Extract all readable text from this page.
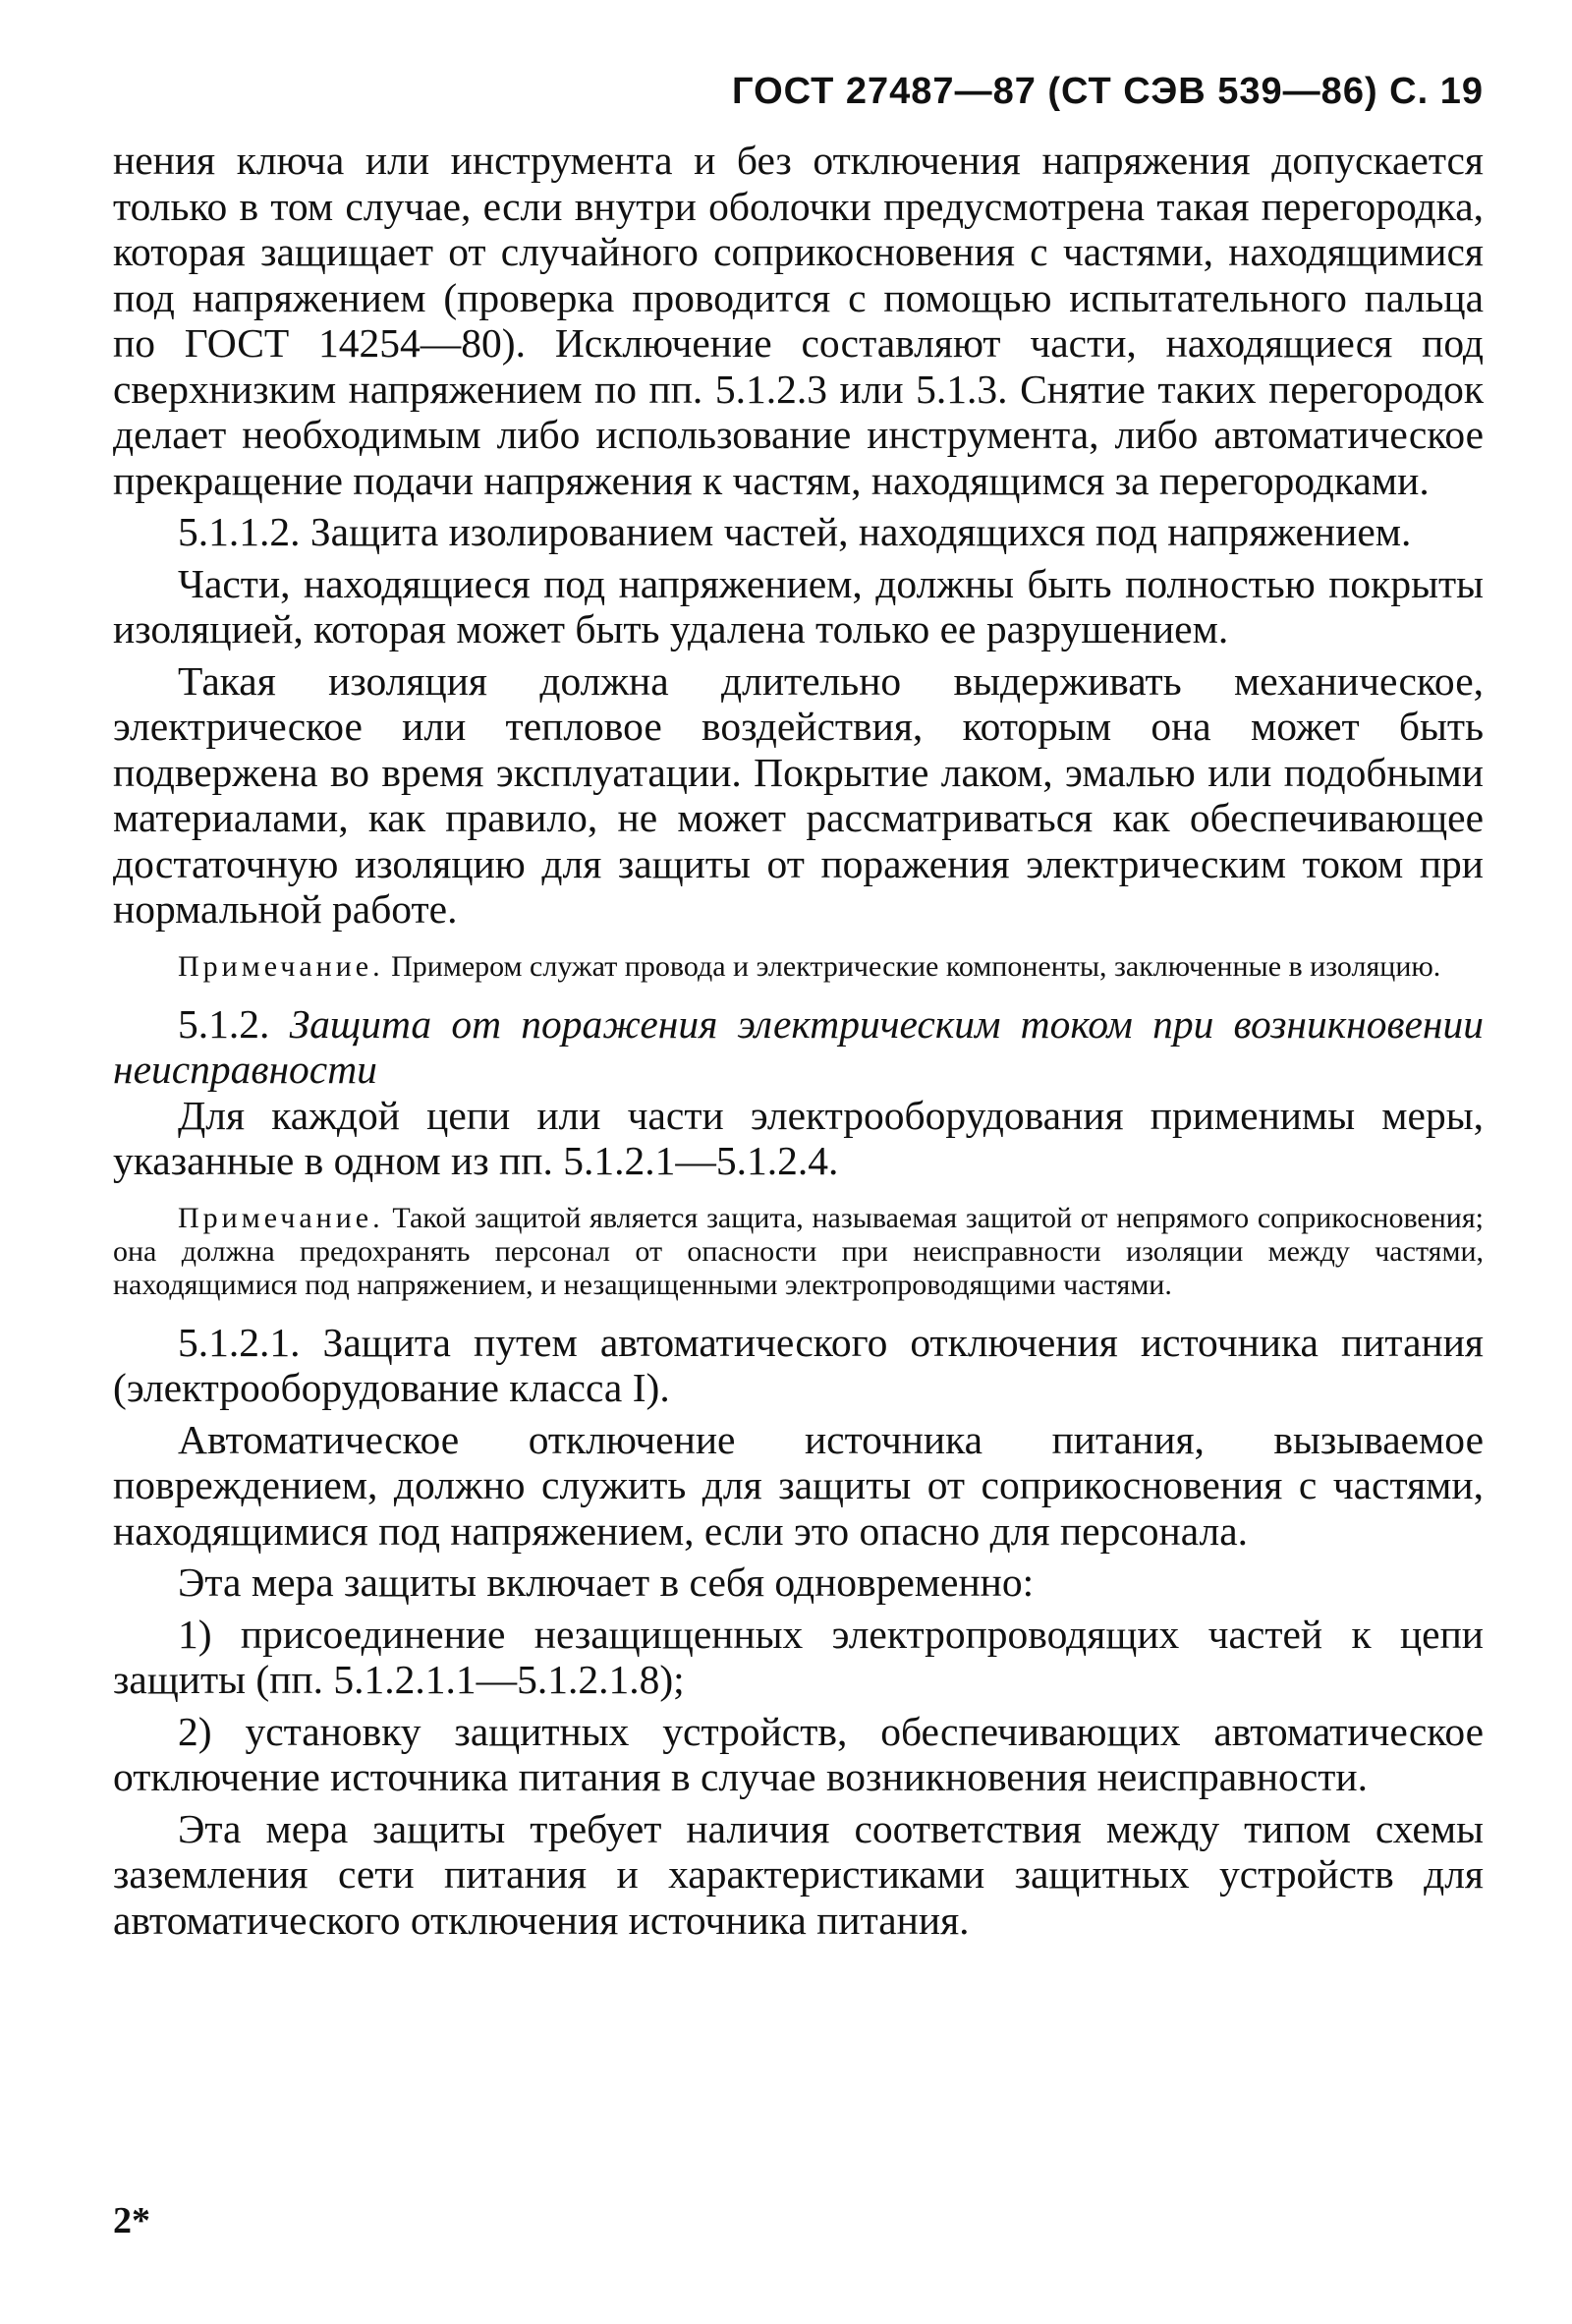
ГОСТ 27487—87 (СТ СЭВ 539—86) С. 19

нения ключа или инструмента и без отключения напряжения допускается только в том случае, если внутри оболочки предусмотрена такая перегородка, которая защищает от случайного соприкосновения с частями, находящимися под напряжением (проверка проводится с помощью испытательного пальца по ГОСТ 14254—80). Исключение составляют части, находящиеся под сверхнизким напряжением по пп. 5.1.2.3 или 5.1.3. Снятие таких перегородок делает необходимым либо использование инструмента, либо автоматическое прекращение подачи напряжения к частям, находящимся за перегородками.

5.1.1.2. Защита изолированием частей, находящихся под напряжением.

Части, находящиеся под напряжением, должны быть полностью покрыты изоляцией, которая может быть удалена только ее разрушением.

Такая изоляция должна длительно выдерживать механическое, электрическое или тепловое воздействия, которым она может быть подвержена во время эксплуатации. Покрытие лаком, эмалью или подобными материалами, как правило, не может рассматриваться как обеспечивающее достаточную изоляцию для защиты от поражения электрическим током при нормальной работе.

Примечание. Примером служат провода и электрические компоненты, заключенные в изоляцию.

5.1.2. Защита от поражения электрическим током при возникновении неисправности

Для каждой цепи или части электрооборудования применимы меры, указанные в одном из пп. 5.1.2.1—5.1.2.4.

Примечание. Такой защитой является защита, называемая защитой от непрямого соприкосновения; она должна предохранять персонал от опасности при неисправности изоляции между частями, находящимися под напряжением, и незащищенными электропроводящими частями.

5.1.2.1. Защита путем автоматического отключения источника питания (электрооборудование класса I).

Автоматическое отключение источника питания, вызываемое повреждением, должно служить для защиты от соприкосновения с частями, находящимися под напряжением, если это опасно для персонала.

Эта мера защиты включает в себя одновременно:

1) присоединение незащищенных электропроводящих частей к цепи защиты (пп. 5.1.2.1.1—5.1.2.1.8);

2) установку защитных устройств, обеспечивающих автоматическое отключение источника питания в случае возникновения неисправности.

Эта мера защиты требует наличия соответствия между типом схемы заземления сети питания и характеристиками защитных устройств для автоматического отключения источника питания.

2*
